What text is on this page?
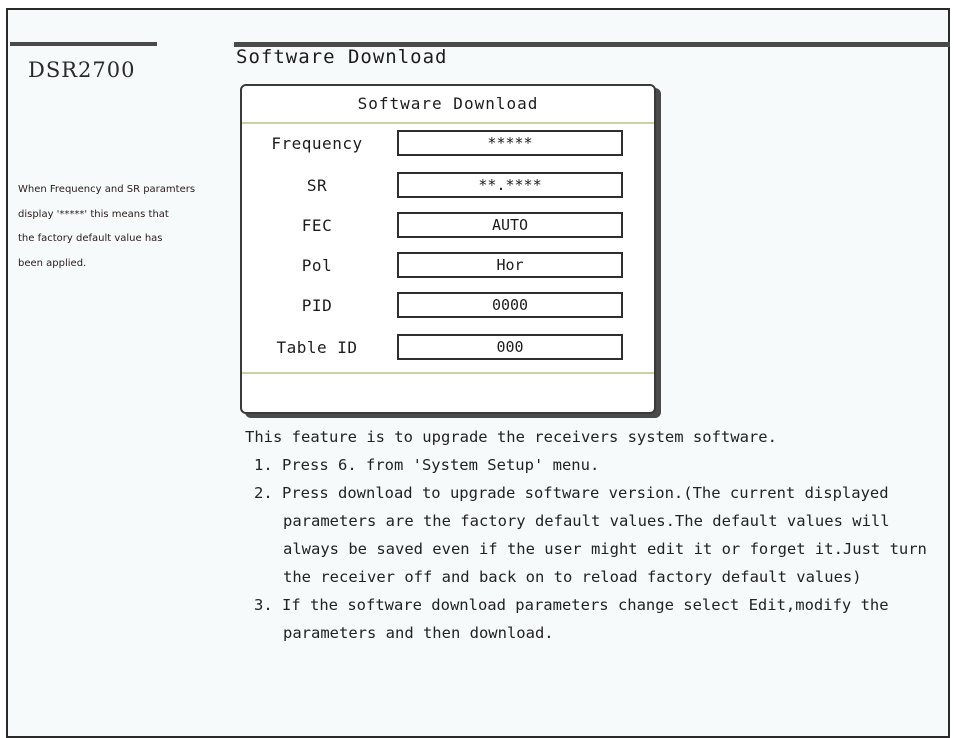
DSR2700
Software Download
When Frequency and SR paramters
display '*****' this means that
the factory default value has
been applied.
Software Download
Frequency	*****
SR	**.****
FEC	AUTO
Pol	Hor
PID	0000
Table ID	000
This feature is to upgrade the receivers system software.
1. Press 6. from 'System Setup' menu.
2. Press download to upgrade software version.(The current displayed
parameters are the factory default values.The default values will
always be saved even if the user might edit it or forget it.Just turn
the receiver off and back on to reload factory default values)
3. If the software download parameters change select Edit,modify the
parameters and then download.
